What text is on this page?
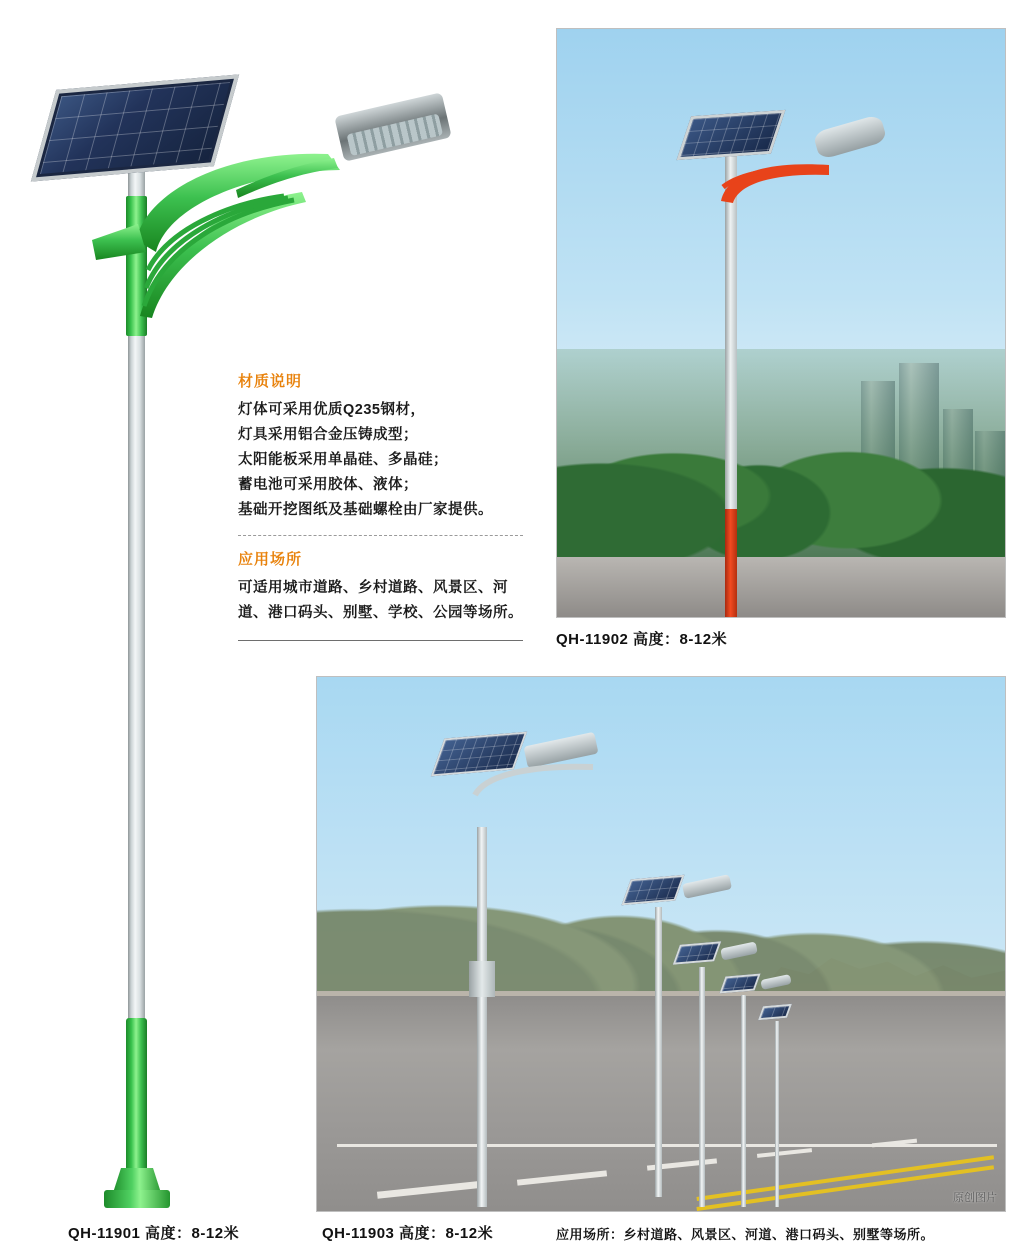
材质说明
灯体可采用优质Q235钢材，
灯具采用铝合金压铸成型；
太阳能板采用单晶硅、多晶硅；
蓄电池可采用胶体、液体；
基础开挖图纸及基础螺栓由厂家提供。
应用场所
可适用城市道路、乡村道路、风景区、河
道、港口码头、别墅、学校、公园等场所。
QH-11902 高度：8-12米
原创图片
QH-11901 高度：8-12米	QH-11903 高度：8-12米	应用场所：乡村道路、风景区、河道、港口码头、别墅等场所。
